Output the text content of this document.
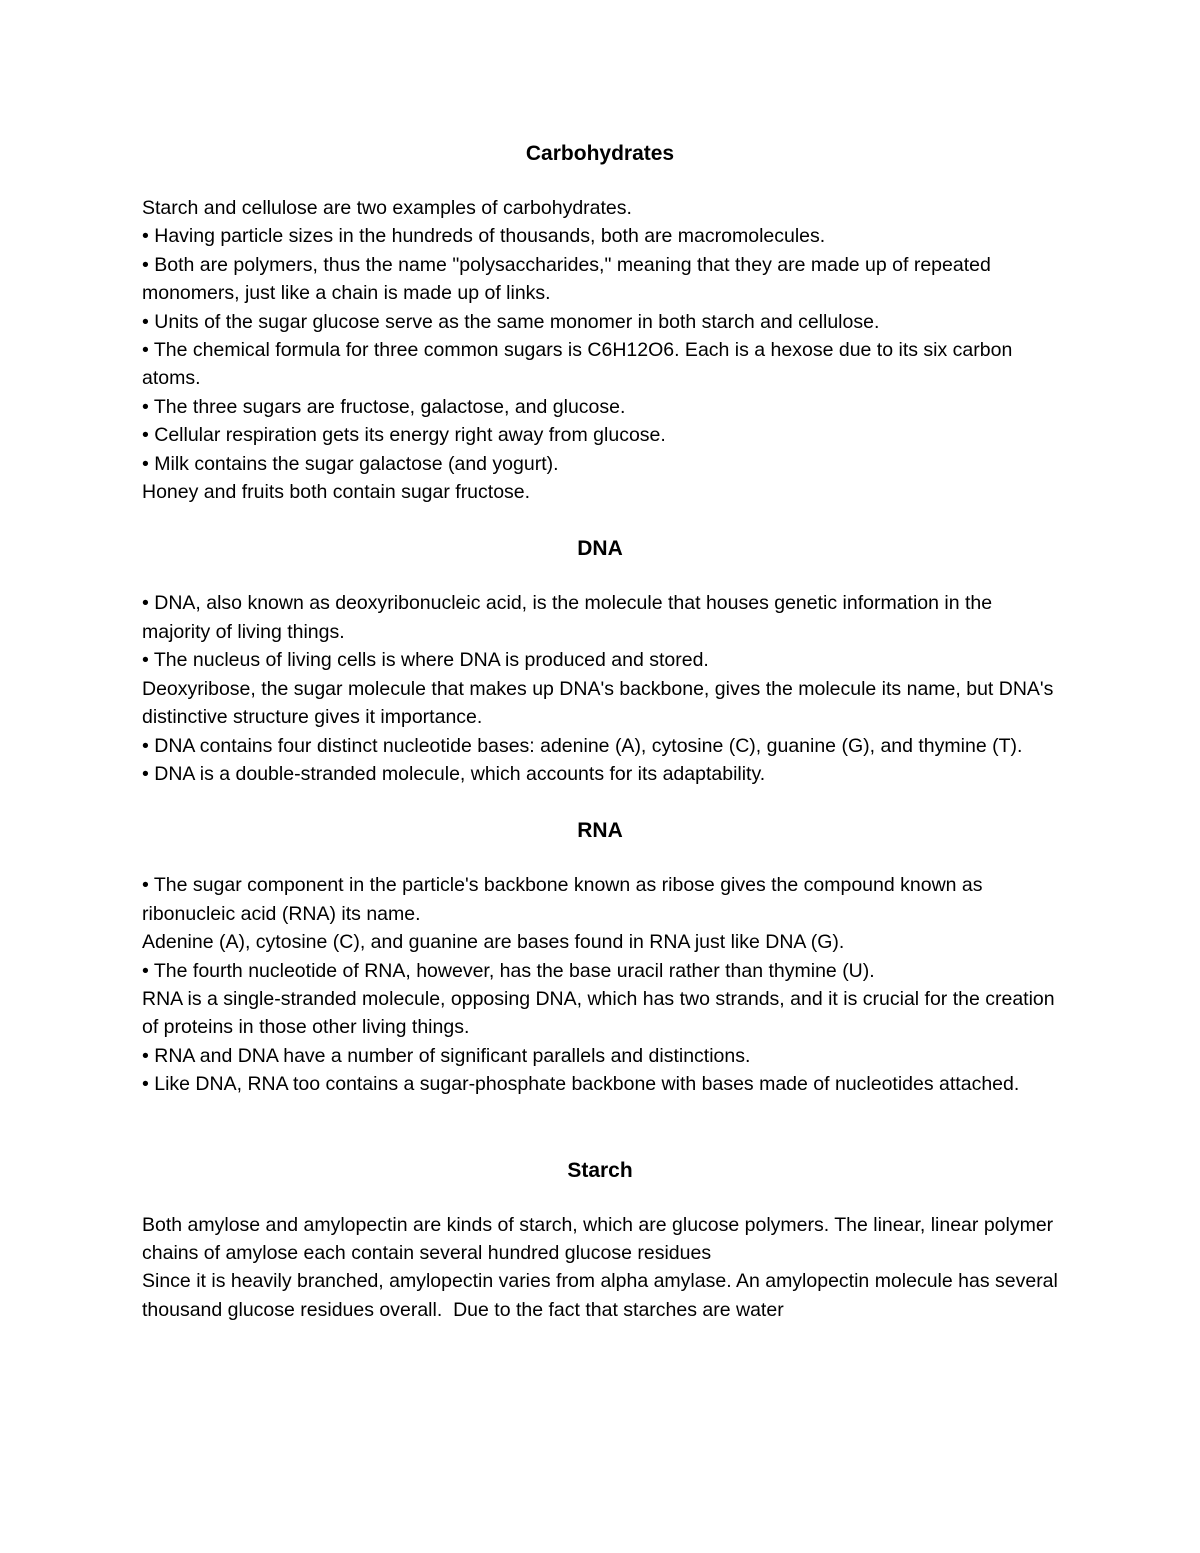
Carbohydrates

Starch and cellulose are two examples of carbohydrates.

• Having particle sizes in the hundreds of thousands, both are macromolecules.

• Both are polymers, thus the name "polysaccharides," meaning that they are made up of repeated monomers, just like a chain is made up of links.

• Units of the sugar glucose serve as the same monomer in both starch and cellulose.

• The chemical formula for three common sugars is C6H12O6. Each is a hexose due to its six carbon atoms.

• The three sugars are fructose, galactose, and glucose.

• Cellular respiration gets its energy right away from glucose.

• Milk contains the sugar galactose (and yogurt).

Honey and fruits both contain sugar fructose.

DNA

• DNA, also known as deoxyribonucleic acid, is the molecule that houses genetic information in the majority of living things.

• The nucleus of living cells is where DNA is produced and stored.

Deoxyribose, the sugar molecule that makes up DNA's backbone, gives the molecule its name, but DNA's distinctive structure gives it importance.

• DNA contains four distinct nucleotide bases: adenine (A), cytosine (C), guanine (G), and thymine (T).

• DNA is a double-stranded molecule, which accounts for its adaptability.

RNA

• The sugar component in the particle's backbone known as ribose gives the compound known as ribonucleic acid (RNA) its name.

Adenine (A), cytosine (C), and guanine are bases found in RNA just like DNA (G).

• The fourth nucleotide of RNA, however, has the base uracil rather than thymine (U).

RNA is a single-stranded molecule, opposing DNA, which has two strands, and it is crucial for the creation of proteins in those other living things.

• RNA and DNA have a number of significant parallels and distinctions.

• Like DNA, RNA too contains a sugar-phosphate backbone with bases made of nucleotides attached.

Starch

Both amylose and amylopectin are kinds of starch, which are glucose polymers. The linear, linear polymer chains of amylose each contain several hundred glucose residues

Since it is heavily branched, amylopectin varies from alpha amylase. An amylopectin molecule has several thousand glucose residues overall.  Due to the fact that starches are water
